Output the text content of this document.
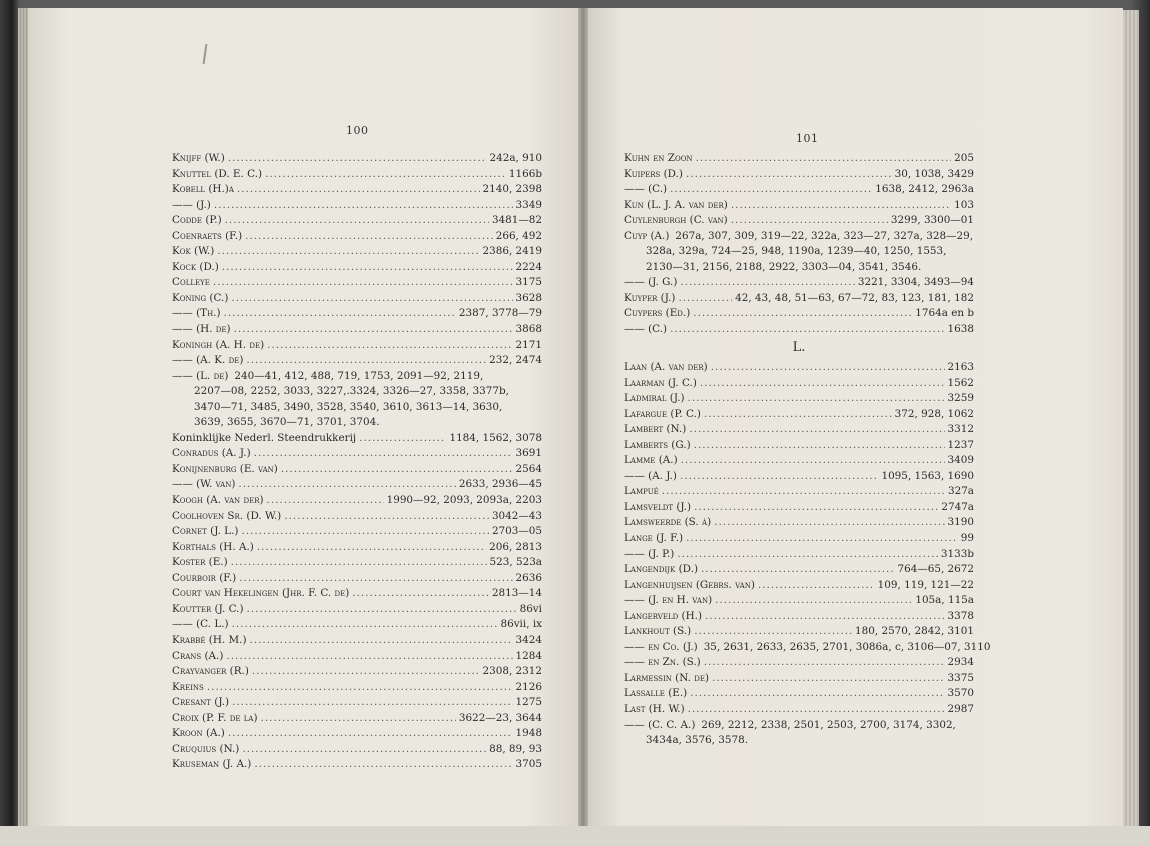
100
101
Knijff (W.) .....	242a, 910
Knuttel (D. E. C.) .....	1166b
Kobell (H.)a .....	2140, 2398
—— (J.) .....	3349
Codde (P.) .....	3481—82
Coenraets (F.) .....	266, 492
Kok (W.) .....	2386, 2419
Kock (D.) .....	2224
Colleye .....	3175
Koning (C.) .....	3628
—— (Th.) .....	2387, 3778—79
—— (H. de) .....	3868
Koningh (A. H. de) .....	2171
—— (A. K. de) .....	232, 2474
—— (L. de) 240—41, 412, 488, 719, 1753, 2091—92, 2119,
2207—08, 2252, 3033, 3227,.3324, 3326—27, 3358, 3377b,
3470—71, 3485, 3490, 3528, 3540, 3610, 3613—14, 3630,
3639, 3655, 3670—71, 3701, 3704.
Koninklijke Nederl. Steendrukkerij .....	1184, 1562, 3078
Conradus (A. J.) .....	3691
Konijnenburg (E. van) .....	2564
—— (W. van) .....	2633, 2936—45
Koogh (A. van der) .....	1990—92, 2093, 2093a, 2203
Coolhoven Sr. (D. W.) .....	3042—43
Cornet (J. L.) .....	2703—05
Korthals (H. A.) .....	206, 2813
Koster (E.) .....	523, 523a
Courboir (F.) .....	2636
Court van Hekelingen (Jhr. F. C. de) .....	2813—14
Koutter (J. C.) .....	86vi
—— (C. L.) .....	86vii, ix
Krabbé (H. M.) .....	3424
Crans (A.) .....	1284
Crayvanger (R.) .....	2308, 2312
Kreins .....	2126
Cresant (J.) .....	1275
Croix (P. F. de la) .....	3622—23, 3644
Kroon (A.) .....	1948
Cruquius (N.) .....	88, 89, 93
Kruseman (J. A.) .....	3705
Kuhn en Zoon .....	205
Kuipers (D.) .....	30, 1038, 3429
—— (C.) .....	1638, 2412, 2963a
Kun (L. J. A. van der) .....	103
Cuylenburgh (C. van) .....	3299, 3300—01
Cuyp (A.) 267a, 307, 309, 319—22, 322a, 323—27, 327a, 328—29,
328a, 329a, 724—25, 948, 1190a, 1239—40, 1250, 1553,
2130—31, 2156, 2188, 2922, 3303—04, 3541, 3546.
—— (J. G.) .....	3221, 3304, 3493—94
Kuyper (J.) .....	42, 43, 48, 51—63, 67—72, 83, 123, 181, 182
Cuypers (Ed.) .....	1764a en b
—— (C.) .....	1638
L.
Laan (A. van der) .....	2163
Laarman (J. C.) .....	1562
Ladmiral (J.) .....	3259
Lafargue (P. C.) .....	372, 928, 1062
Lambert (N.) .....	3312
Lamberts (G.) .....	1237
Lamme (A.) .....	3409
—— (A. J.) .....	1095, 1563, 1690
Lampué .....	327a
Lamsveldt (J.) .....	2747a
Lamsweerde (S. à) .....	3190
Lange (J. F.) .....	99
—— (J. P.) .....	3133b
Langendijk (D.) .....	764—65, 2672
Langenhuijsen (Gebrs. van) .....	109, 119, 121—22
—— (J. en H. van) .....	105a, 115a
Langerveld (H.) .....	3378
Lankhout (S.) .....	180, 2570, 2842, 3101
—— en Co. (J.) 35, 2631, 2633, 2635, 2701, 3086a, c, 3106—07, 3110
—— en Zn. (S.) .....	2934
Larmessin (N. de) .....	3375
Lassalle (E.) .....	3570
Last (H. W.) .....	2987
—— (C. C. A.) 269, 2212, 2338, 2501, 2503, 2700, 3174, 3302,
3434a, 3576, 3578.
